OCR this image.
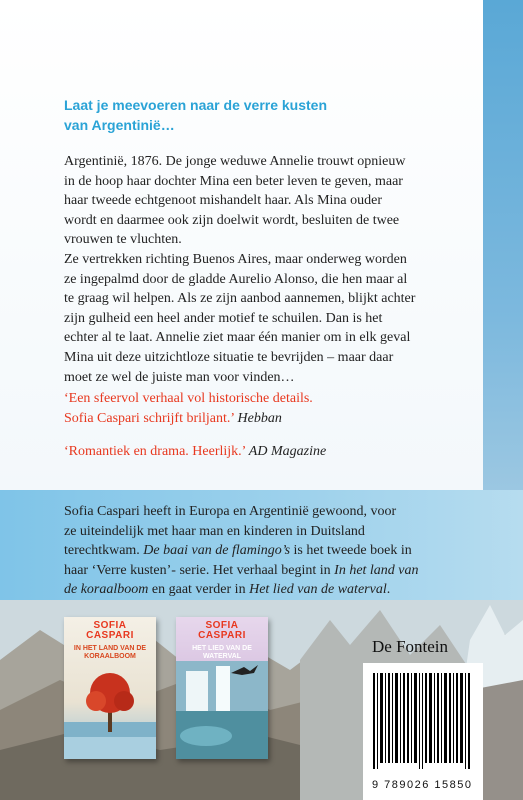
Laat je meevoeren naar de verre kusten
van Argentinië…

Argentinië, 1876. De jonge weduwe Annelie trouwt opnieuw

in de hoop haar dochter Mina een beter leven te geven, maar

haar tweede echtgenoot mishandelt haar. Als Mina ouder

wordt en daarmee ook zijn doelwit wordt, besluiten de twee

vrouwen te vluchten.

Ze vertrekken richting Buenos Aires, maar onderweg worden

ze ingepalmd door de gladde Aurelio Alonso, die hen maar al

te graag wil helpen. Als ze zijn aanbod aannemen, blijkt achter

zijn gulheid een heel ander motief te schuilen. Dan is het

echter al te laat. Annelie ziet maar één manier om in elk geval

Mina uit deze uitzichtloze situatie te bevrijden – maar daar

moet ze wel de juiste man voor vinden…

‘Een sfeervol verhaal vol historische details.
Sofia Caspari schrijft briljant.’ Hebban
‘Romantiek en drama. Heerlijk.’ AD Magazine
Sofia Caspari heeft in Europa en Argentinië gewoond, voor
ze uiteindelijk met haar man en kinderen in Duitsland
terechtkwam. De baai van de flamingo’s is het tweede boek in
haar ‘Verre kusten’- serie. Het verhaal begint in In het land van
de koraalboom en gaat verder in Het lied van de waterval.
SOFIA
CASPARI
IN HET LAND VAN DE KORAALBOOM
SOFIA
CASPARI
HET LIED VAN DE WATERVAL
De Fontein
9 789026 15850
